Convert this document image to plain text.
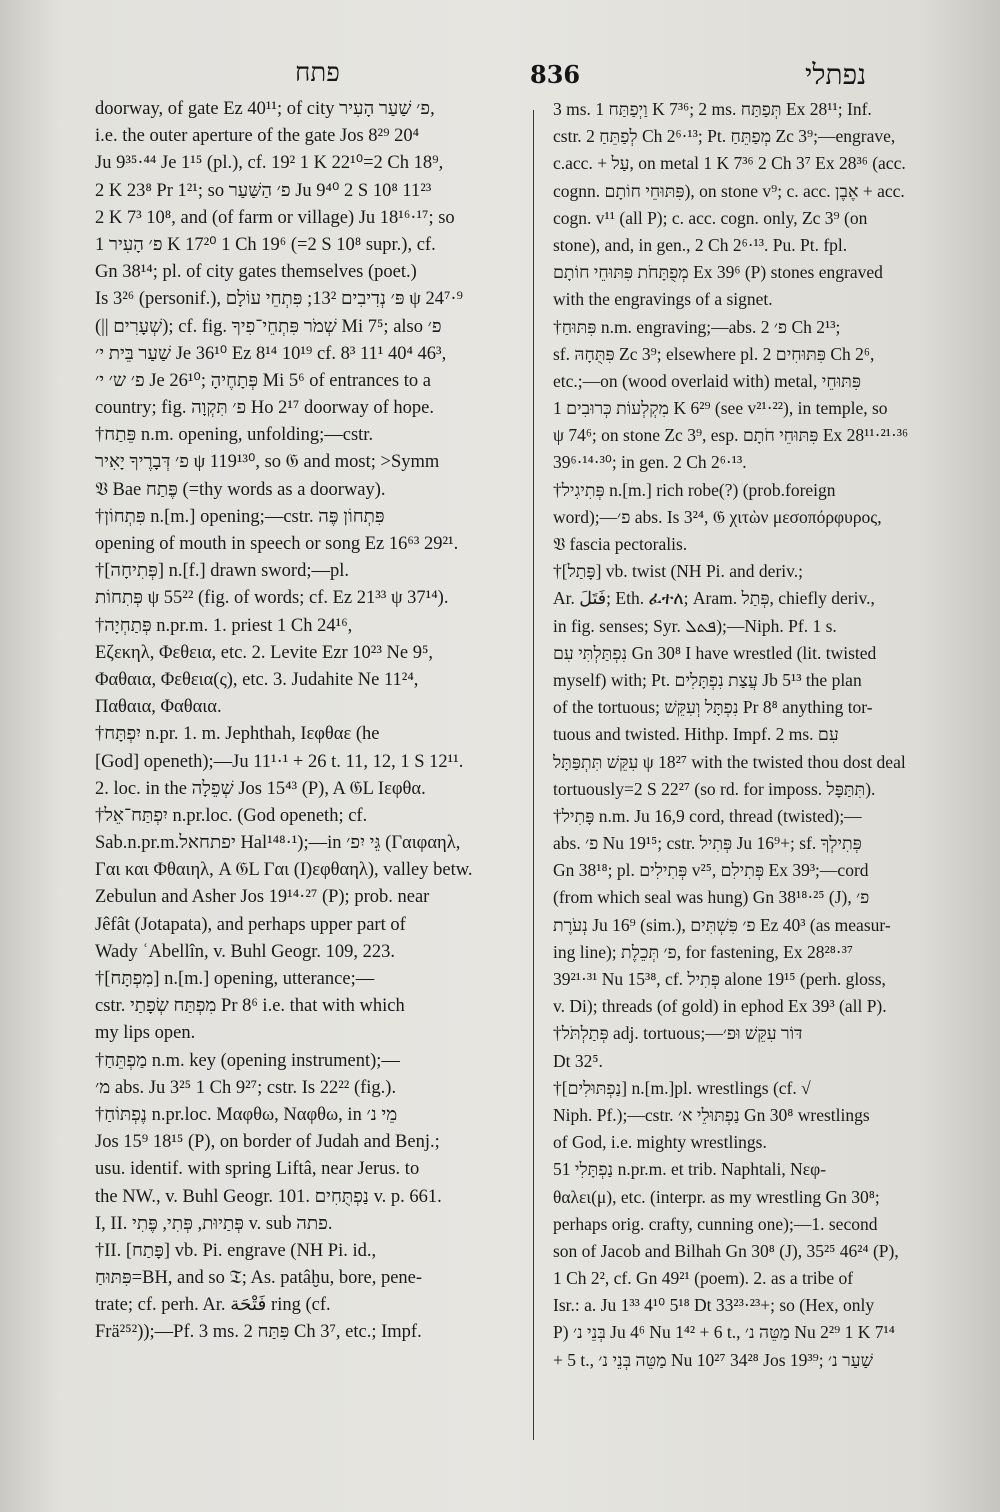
פתח	836	נפתלי
doorway, of gate Ez 40¹¹; of city פ׳ שַׁעַר הָעִיר,
i.e. the outer aperture of the gate Jos 8²⁹ 20⁴
Ju 9³⁵·⁴⁴ Je 1¹⁵ (pl.), cf. 19² 1 K 22¹⁰=2 Ch 18⁹,
2 K 23⁸ Pr 1²¹; so פ׳ הַשַּׁעַר Ju 9⁴⁰ 2 S 10⁸ 11²³
2 K 7³ 10⁸, and (of farm or village) Ju 18¹⁶·¹⁷; so
פ׳ הָעִיר 1 K 17²⁰ 1 Ch 19⁶ (=2 S 10⁸ supr.), cf.
Gn 38¹⁴; pl. of city gates themselves (poet.)
Is 3²⁶ (personif.), פּ׳ נְדִיבִים 13²; פִּתְחֵי עוֹלָם ψ 24⁷·⁹
(|| שְׁעָרִים); cf. fig. שְׁמֹר פִּתְחֵי־פִיךָ Mi 7⁵; also פ׳
שַׁעַר בֵּית י׳ Je 36¹⁰ Ez 8¹⁴ 10¹⁹ cf. 8³ 11¹ 40⁴ 46³,
פ׳ ש׳ י׳ Je 26¹⁰; פְּתָחֶיהָ Mi 5⁶ of entrances to a
country; fig. פ׳ תִּקְוָה Ho 2¹⁷ doorway of hope.
†פֵּתַח n.m. opening, unfolding;—cstr.
פ׳ דְּבָרֶיךָ יָאִיר ψ 119¹³⁰, so 𝔊 and most; >Symm
𝔙 Bae פֶּתַח (=thy words as a doorway).
†פִּתְחוֹן n.[m.] opening;—cstr. פִּתְחוֹן פֶּה
opening of mouth in speech or song Ez 16⁶³ 29²¹.
†[פְּתִיחָה] n.[f.] drawn sword;—pl.
פְּתִחוֹת ψ 55²² (fig. of words; cf. Ez 21³³ ψ 37¹⁴).
†פְּתַחְיָה n.pr.m. 1. priest 1 Ch 24¹⁶,
Εζεκηλ, Φεθεια, etc. 2. Levite Ezr 10²³ Ne 9⁵,
Φαθαια, Φεθεια(ς), etc. 3. Judahite Ne 11²⁴,
Παθαια, Φαθαια.
†יִפְתָּח n.pr. 1. m. Jephthah, Ιεφθαε (he
[God] openeth);—Ju 11¹·¹ + 26 t. 11, 12, 1 S 12¹¹.
2. loc. in the שְׁפֵלָה Jos 15⁴³ (P), A 𝔊L Ιεφθα.
†יִפְתַּח־אֵל n.pr.loc. (God openeth; cf.
Sab.n.pr.m.יפתחאל Hal¹⁴⁸·¹);—in גֵּי יִפ׳ (Γαιφαηλ,
Γαι και Φθαιηλ, A 𝔊L Γαι (Ι)εφθαηλ), valley betw.
Zebulun and Asher Jos 19¹⁴·²⁷ (P); prob. near
Jêfât (Jotapata), and perhaps upper part of
Wady ʿAbellîn, v. Buhl Geogr. 109, 223.
†[מִפְתָּח] n.[m.] opening, utterance;—
cstr. מִפְתַּח שְׂפָתַי Pr 8⁶ i.e. that with which
my lips open.
†מַפְתֵּחַ n.m. key (opening instrument);—
מ׳ abs. Ju 3²⁵ 1 Ch 9²⁷; cstr. Is 22²² (fig.).
†נֶפְתּוֹחַ n.pr.loc. Μαφθω, Ναφθω, in מֵי נ׳
Jos 15⁹ 18¹⁵ (P), on border of Judah and Benj.;
usu. identif. with spring Liftâ, near Jerus. to
the NW., v. Buhl Geogr. 101. נַפְתֻּחִים v. p. 661.
I, II. פְּתַיוּת, פְּתִי, פֶּתִי v. sub פתה.
†II. [פָּתַח] vb. Pi. engrave (NH Pi. id.,
פִּתּוּחַ=BH, and so 𝔗; As. patâḫu, bore, pene-
trate; cf. perh. Ar. فَتْحَة ring (cf.
Frä²⁵²));—Pf. 3 ms. פִּתַּח 2 Ch 3⁷, etc.; Impf.
3 ms. וַיְפַתַּח 1 K 7³⁶; 2 ms. תְּפַתַּח Ex 28¹¹; Inf.
cstr. לְפַתֵּחַ 2 Ch 2⁶·¹³; Pt. מְפַתֵּחַ Zc 3⁹;—engrave,
c.acc. + עַל, on metal 1 K 7³⁶ 2 Ch 3⁷ Ex 28³⁶ (acc.
cognn. פִּתּוּחֵי חוֹתָם), on stone v⁹; c. acc. אֶבֶן + acc.
cogn. v¹¹ (all P); c. acc. cogn. only, Zc 3⁹ (on
stone), and, in gen., 2 Ch 2⁶·¹³. Pu. Pt. fpl.
מְפֻתָּחֹת פִּתּוּחֵי חוֹתָם Ex 39⁶ (P) stones engraved
with the engravings of a signet.
†פִּתּוּחַ n.m. engraving;—abs. פ׳ 2 Ch 2¹³;
sf. פִּתֻּחָהּ Zc 3⁹; elsewhere pl. פִּתּוּחִים 2 Ch 2⁶,
etc.;—on (wood overlaid with) metal, פִּתּוּחֵי
מִקְלְעוֹת כְּרוּבִים 1 K 6²⁹ (see v²¹·²²), in temple, so
ψ 74⁶; on stone Zc 3⁹, esp. פִּתּוּחֵי חֹתָם Ex 28¹¹·²¹·³⁶
39⁶·¹⁴·³⁰; in gen. 2 Ch 2⁶·¹³.
†פְּתִיגִיל n.[m.] rich robe(?) (prob.foreign
word);—פ׳ abs. Is 3²⁴, 𝔊 χιτὼν μεσοπόρφυρος,
𝔙 fascia pectoralis.
†[פָּתַל] vb. twist (NH Pi. and deriv.;
Ar. فَتَلَ; Eth. ፈተለ; Aram. פְּתַל, chiefly deriv.,
in fig. senses; Syr. ܦܬܠ);—Niph. Pf. 1 s.
נִפְתַּלְתִּי עִם Gn 30⁸ I have wrestled (lit. twisted
myself) with; Pt. עֲצַת נִפְתָּלִים Jb 5¹³ the plan
of the tortuous; נִפְתָּל וְעִקֵּשׁ Pr 8⁸ anything tor-
tuous and twisted. Hithp. Impf. 2 ms. עִם
עִקֵּשׁ תִּתְפַּתָּל ψ 18²⁷ with the twisted thou dost deal
tortuously=2 S 22²⁷ (so rd. for imposs. תִּתַּפָּל).
†פָּתִיל n.m. Ju 16,9 cord, thread (twisted);—
abs. פ׳ Nu 19¹⁵; cstr. פְּתִיל Ju 16⁹+; sf. פְּתִילְךָ
Gn 38¹⁸; pl. פְּתִילִים v²⁵, פְּתִילִם Ex 39³;—cord
(from which seal was hung) Gn 38¹⁸·²⁵ (J), פ׳
נְעֹרֶת Ju 16⁹ (sim.), פ׳ פִּשְׁתִּים Ez 40³ (as measur-
ing line); פ׳ תְּכֵלֶת, for fastening, Ex 28²⁸·³⁷
39²¹·³¹ Nu 15³⁸, cf. פְּתִיל alone 19¹⁵ (perh. gloss,
v. Di); threads (of gold) in ephod Ex 39³ (all P).
†פְּתַלְתֹּל adj. tortuous;—דּוֹר עִקֵּשׁ וּפ׳
Dt 32⁵.
†[נַפְתּוּלִים] n.[m.]pl. wrestlings (cf. √
Niph. Pf.);—cstr. נַפְתּוּלֵי א׳ Gn 30⁸ wrestlings
of God, i.e. mighty wrestlings.
נַפְתָּלִי 51 n.pr.m. et trib. Naphtali, Νεφ-
θαλει(μ), etc. (interpr. as my wrestling Gn 30⁸;
perhaps orig. crafty, cunning one);—1. second
son of Jacob and Bilhah Gn 30⁸ (J), 35²⁵ 46²⁴ (P),
1 Ch 2², cf. Gn 49²¹ (poem). 2. as a tribe of
Isr.: a. Ju 1³³ 4¹⁰ 5¹⁸ Dt 33²³·²³+; so (Hex, only
P) בְּנֵי נ׳ Ju 4⁶ Nu 1⁴² + 6 t., מַטֵּה נ׳ Nu 2²⁹ 1 K 7¹⁴
+ 5 t., מַטֵּה בְּנֵי נ׳ Nu 10²⁷ 34²⁸ Jos 19³⁹; שַׁעַר נ׳
